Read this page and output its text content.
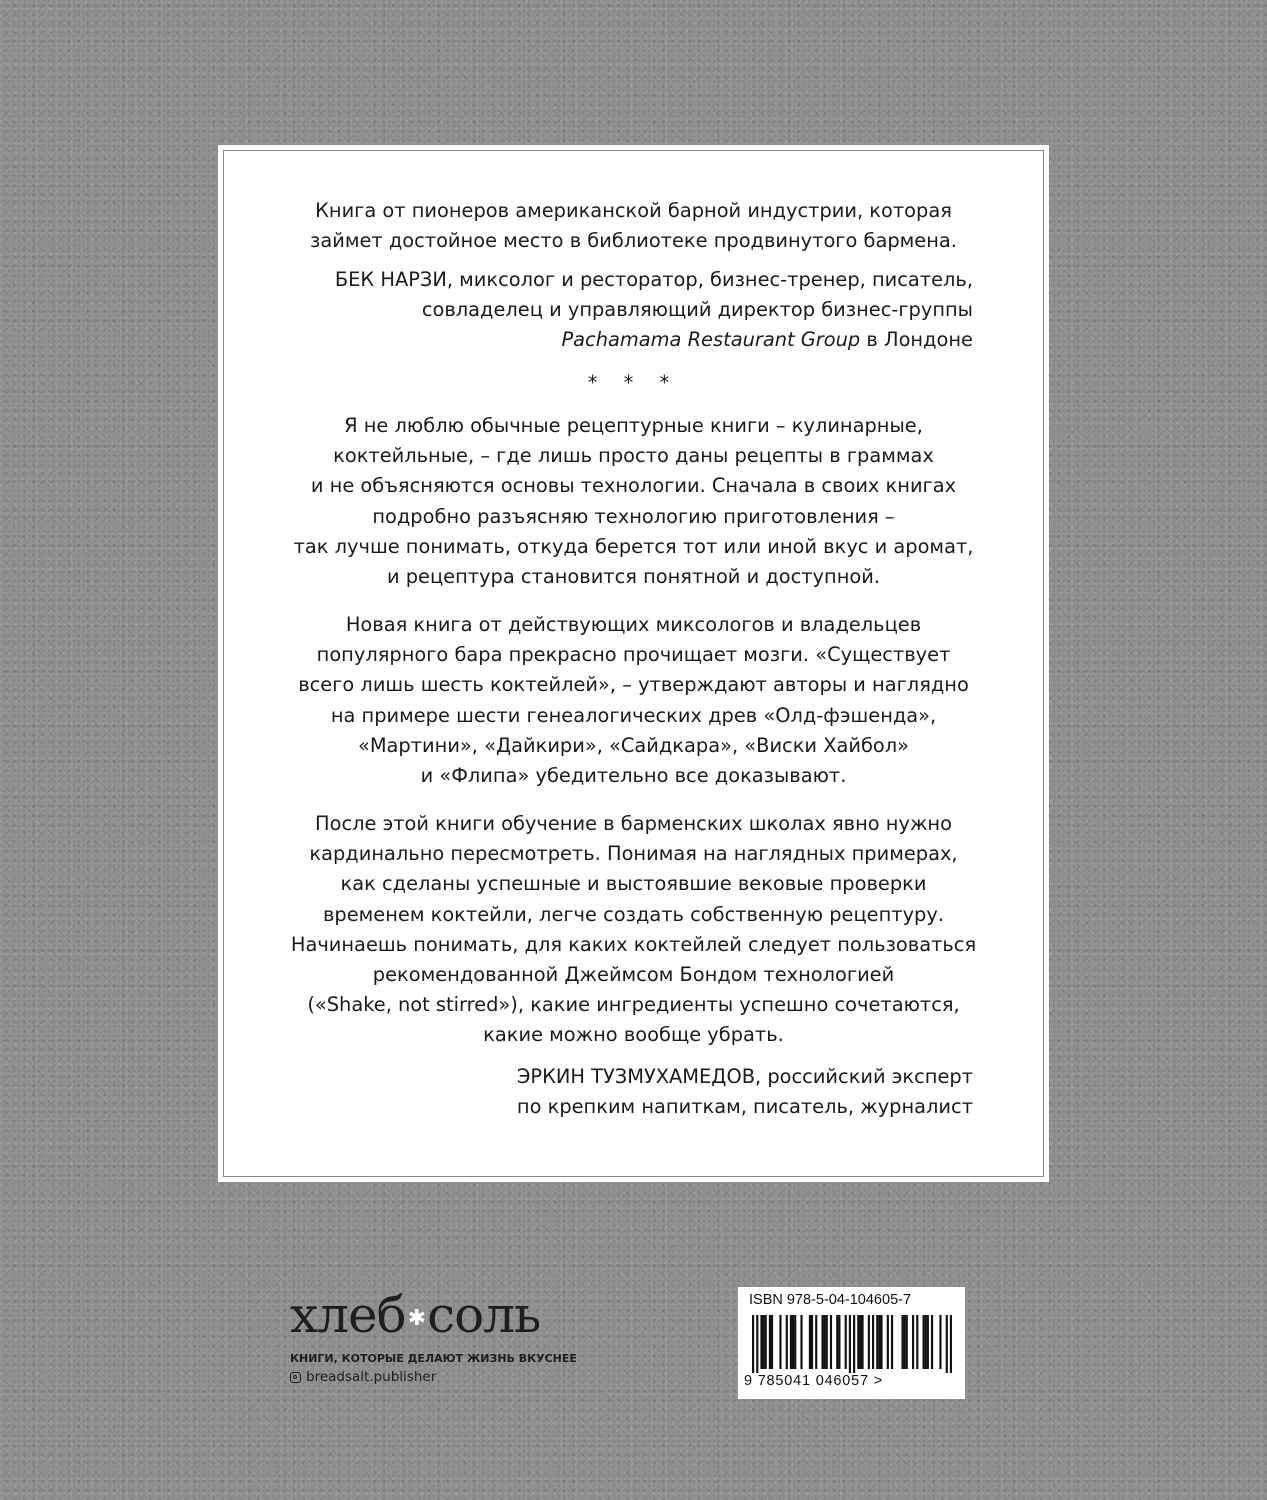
Книга от пионеров американской барной индустрии, которая
займет достойное место в библиотеке продвинутого бармена.
БЕК НАРЗИ, миксолог и ресторатор, бизнес-тренер, писатель,
совладелец и управляющий директор бизнес-группы
Pachamama Restaurant Group в Лондоне
* * *
Я не люблю обычные рецептурные книги – кулинарные,
коктейльные, – где лишь просто даны рецепты в граммах
и не объясняются основы технологии. Сначала в своих книгах
подробно разъясняю технологию приготовления –
так лучше понимать, откуда берется тот или иной вкус и аромат,
и рецептура становится понятной и доступной.
Новая книга от действующих миксологов и владельцев
популярного бара прекрасно прочищает мозги. «Существует
всего лишь шесть коктейлей», – утверждают авторы и наглядно
на примере шести генеалогических древ «Олд-фэшенда»,
«Мартини», «Дайкири», «Сайдкара», «Виски Хайбол»
и «Флипа» убедительно все доказывают.
После этой книги обучение в барменских школах явно нужно
кардинально пересмотреть. Понимая на наглядных примерах,
как сделаны успешные и выстоявшие вековые проверки
временем коктейли, легче создать собственную рецептуру.
Начинаешь понимать, для каких коктейлей следует пользоваться
рекомендованной Джеймсом Бондом технологией
(«Shake, not stirred»), какие ингредиенты успешно сочетаются,
какие можно вообще убрать.
ЭРКИН ТУЗМУХАМЕДОВ, российский эксперт
по крепким напиткам, писатель, журналист
хлеб✱соль
КНИГИ, КОТОРЫЕ ДЕЛАЮТ ЖИЗНЬ ВКУСНЕЕ
breadsalt.publisher
ISBN 978-5-04-104605-7
9 785041 046057 >
